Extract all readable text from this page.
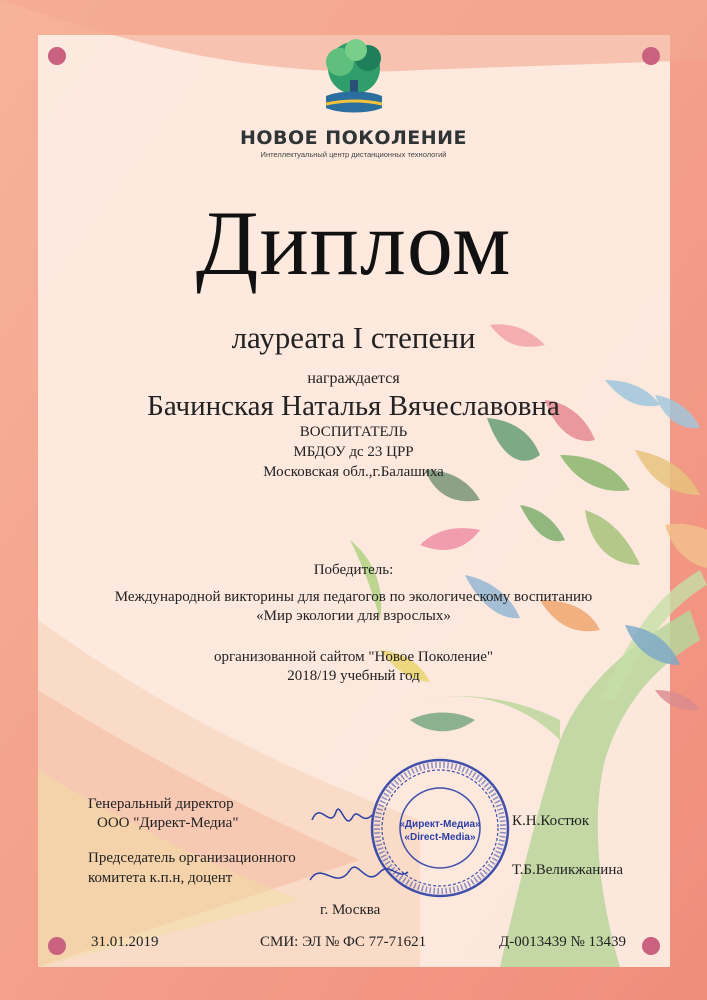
НОВОЕ ПОКОЛЕНИЕ
Интеллектуальный центр дистанционных технологий
Диплом
лауреата I степени
награждается
Бачинская Наталья Вячеславовна
ВОСПИТАТЕЛЬ
МБДОУ дс 23 ЦРР
Московская обл.,г.Балашиха
Победитель:
Международной викторины для педагогов по экологическому воспитанию
«Мир экологии для взрослых»
организованной сайтом "Новое Поколение"
2018/19 учебный год
Генеральный директор
ООО "Директ-Медиа"	К.Н.Костюк
Председатель организационного
комитета к.п.н, доцент	Т.Б.Великжанина
«Директ-Медиа»
«Direct-Media»
г. Москва
31.01.2019	СМИ: ЭЛ № ФС 77-71621	Д-0013439 № 13439
